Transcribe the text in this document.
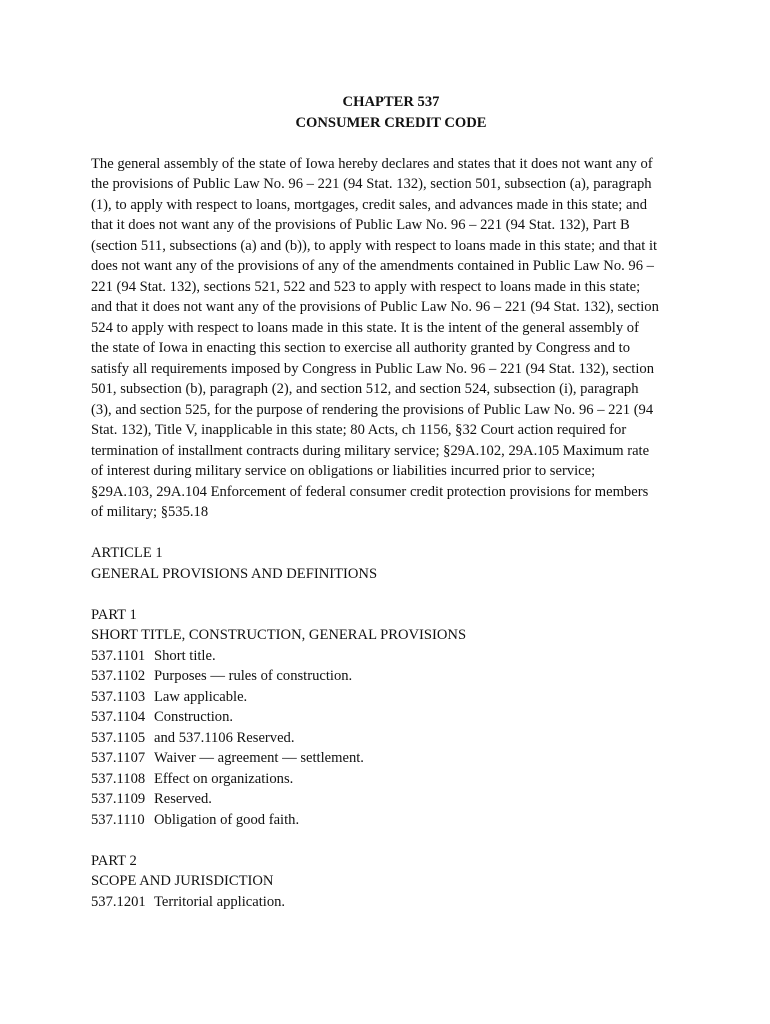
CHAPTER 537
CONSUMER CREDIT CODE
The general assembly of the state of Iowa hereby declares and states that it does not want any of
the provisions of Public Law No. 96 – 221 (94 Stat. 132), section 501, subsection (a), paragraph
(1), to apply with respect to loans, mortgages, credit sales, and advances made in this state; and
that it does not want any of the provisions of Public Law No. 96 – 221 (94 Stat. 132), Part B
(section 511, subsections (a) and (b)), to apply with respect to loans made in this state; and that it
does not want any of the provisions of any of the amendments contained in Public Law No. 96 –
221 (94 Stat. 132), sections 521, 522 and 523 to apply with respect to loans made in this state;
and that it does not want any of the provisions of Public Law No. 96 – 221 (94 Stat. 132), section
524 to apply with respect to loans made in this state. It is the intent of the general assembly of
the state of Iowa in enacting this section to exercise all authority granted by Congress and to
satisfy all requirements imposed by Congress in Public Law No. 96 – 221 (94 Stat. 132), section
501, subsection (b), paragraph (2), and section 512, and section 524, subsection (i), paragraph
(3), and section 525, for the purpose of rendering the provisions of Public Law No. 96 – 221 (94
Stat. 132), Title V, inapplicable in this state; 80 Acts, ch 1156, §32 Court action required for
termination of installment contracts during military service; §29A.102, 29A.105 Maximum rate
of interest during military service on obligations or liabilities incurred prior to service;
§29A.103, 29A.104 Enforcement of federal consumer credit protection provisions for members
of military; §535.18
ARTICLE 1
GENERAL PROVISIONS AND DEFINITIONS
PART 1
SHORT TITLE, CONSTRUCTION, GENERAL PROVISIONS
537.1101 Short title.
537.1102 Purposes — rules of construction.
537.1103 Law applicable.
537.1104 Construction.
537.1105 and 537.1106 Reserved.
537.1107 Waiver — agreement — settlement.
537.1108 Effect on organizations.
537.1109 Reserved.
537.1110 Obligation of good faith.
PART 2
SCOPE AND JURISDICTION
537.1201 Territorial application.
